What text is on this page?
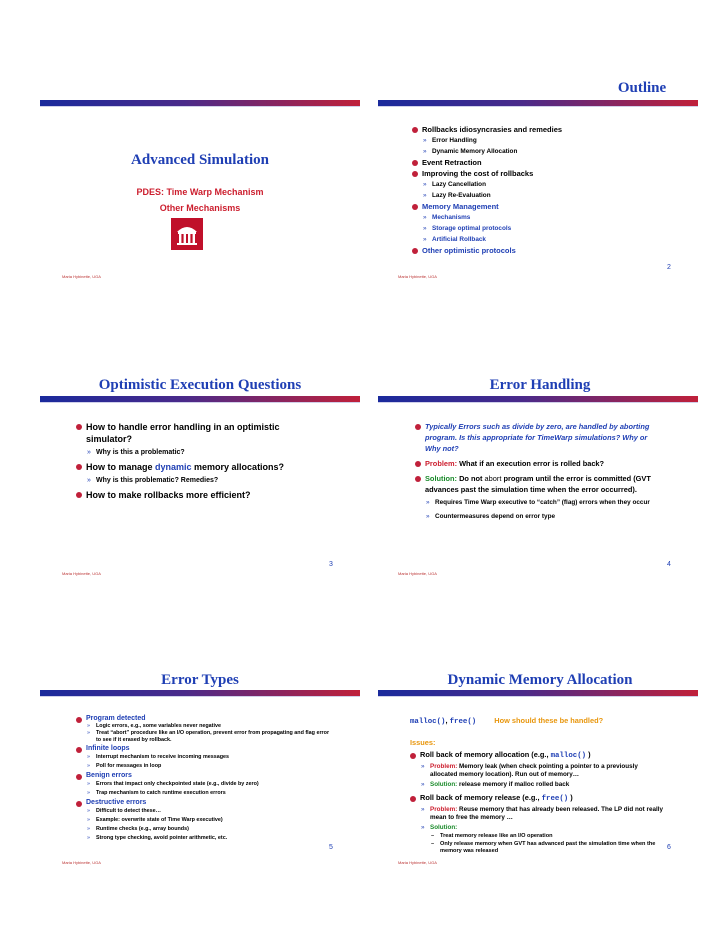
Advanced Simulation
PDES: Time Warp Mechanism
Other Mechanisms
Maria Hybinette, UGA
Outline
Rollbacks idiosyncrasies and remedies
» Error Handling
» Dynamic Memory Allocation
Event Retraction
Improving the cost of rollbacks
» Lazy Cancellation
» Lazy Re-Evaluation
Memory Management
» Mechanisms
» Storage optimal protocols
» Artificial Rollback
Other optimistic protocols
2
Maria Hybinette, UGA
Optimistic Execution Questions
How to handle error handling in an optimistic simulator?
» Why is this a problematic?
How to manage dynamic memory allocations?
» Why is this problematic? Remedies?
How to make rollbacks more efficient?
3
Maria Hybinette, UGA
Error Handling
Typically Errors such as divide by zero, are handled by aborting program. Is this appropriate for TimeWarp simulations? Why or Why not?
Problem: What if an execution error is rolled back?
Solution: Do not abort program until the error is committed (GVT advances past the simulation time when the error occurred).
» Requires Time Warp executive to “catch” (flag) errors when they occur
» Countermeasures depend on error type
4
Maria Hybinette, UGA
Error Types
Program detected
» Logic errors, e.g., some variables never negative
» Treat “abort” procedure like an I/O operation, prevent error from propagating and flag error to see if it erased by rollback.
Infinite loops
» Interrupt mechanism to receive incoming messages
» Poll for messages in loop
Benign errors
» Errors that impact only checkpointed state (e.g., divide by zero)
» Trap mechanism to catch runtime execution errors
Destructive errors
» Difficult to detect these…
» Example: overwrite state of Time Warp executive)
» Runtime checks (e.g., array bounds)
» Strong type checking, avoid pointer arithmetic, etc.
5
Maria Hybinette, UGA
Dynamic Memory Allocation
malloc(), free() How should these be handled?
Issues:
Roll back of memory allocation (e.g., malloc() )
» Problem: Memory leak (when check pointing a pointer to a previously allocated memory location). Run out of memory…
» Solution: release memory if malloc rolled back
Roll back of memory release (e.g., free() )
» Problem: Reuse memory that has already been released. The LP did not really mean to free the memory …
» Solution:
– Treat memory release like an I/O operation
– Only release memory when GVT has advanced past the simulation time when the memory was released	6
Maria Hybinette, UGA
